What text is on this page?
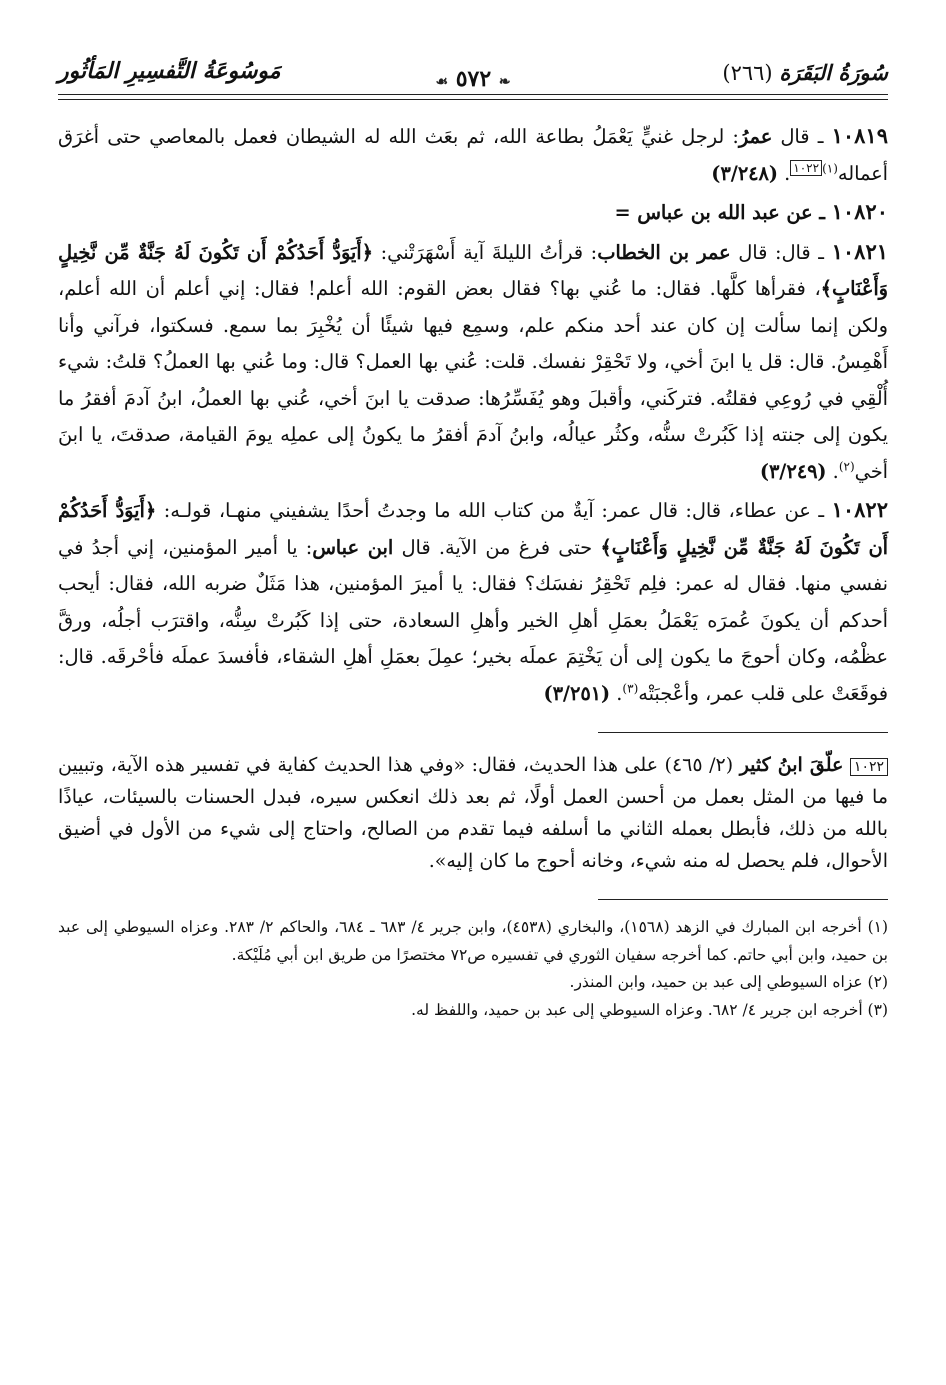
سُورَةُ البَقَرَة (٢٦٦)
❧ ٥٧٢ ☙
مَوسُوعَةُ التَّفسِيرِ المَأثُور

١٠٨١٩ ـ قال عمرُ: لرجل غنيٍّ يَعْمَلُ بطاعة الله، ثم بعَث الله له الشيطان فعمل بالمعاصي حتى أغرَق أعماله$^{(١)١٠٢٢}$. (٣/٢٤٨)

١٠٨٢٠ ـ عن عبد الله بن عباس =

١٠٨٢١ ـ قال: قال عمر بن الخطاب: قرأتُ الليلةَ آية أَسْهَرَتْني: ﴿أَيَوَدُّ أَحَدُكُمْ أَن تَكُونَ لَهُ جَنَّةٌ مِّن نَّخِيلٍ وَأَعْنَابٍ﴾، فقرأها كلَّها. فقال: ما عُني بها؟ فقال بعض القوم: الله أعلم! فقال: إني أعلم أن الله أعلم، ولكن إنما سألت إن كان عند أحد منكم علم، وسمِع فيها شيئًا أن يُخْبِرَ بما سمع. فسكتوا، فرآني وأنا أَهْمِسُ. قال: قل يا ابنَ أخي، ولا تَحْقِرْ نفسك. قلت: عُني بها العمل؟ قال: وما عُني بها العملُ؟ قلتُ: شيء أُلْقِي في رُوعِي فقلتُه. فتركَني، وأقبلَ وهو يُفَسِّرُها: صدقت يا ابنَ أخي، عُني بها العملُ، ابنُ آدمَ أفقرُ ما يكون إلى جنته إذا كَبُرتْ سنُّه، وكثُر عيالُه، وابنُ آدمَ أفقرُ ما يكونُ إلى عملِه يومَ القيامة، صدقتَ، يا ابنَ أخي$^{(٢)}$. (٣/٢٤٩)

١٠٨٢٢ ـ عن عطاء، قال: قال عمر: آيةٌ من كتاب الله ما وجدتُ أحدًا يشفيني منهـا، قولـه: ﴿أَيَوَدُّ أَحَدُكُمْ أَن تَكُونَ لَهُ جَنَّةٌ مِّن نَّخِيلٍ وَأَعْنَابٍ﴾ حتى فرغ من الآية. قال ابن عباس: يا أمير المؤمنين، إني أجدُ في نفسي منها. فقال له عمر: فلِم تَحْقِرُ نفسَك؟ فقال: يا أميرَ المؤمنين، هذا مَثَلٌ ضربه الله، فقال: أيحب أحدكم أن يكونَ عُمرَه يَعْمَلُ بعمَلِ أهلِ الخير وأهلِ السعادة، حتى إذا كَبُرتْ سِنُّه، واقترَب أجلُه، ورقَّ عظْمُه، وكان أحوجَ ما يكون إلى أن يَخْتِمَ عملَه بخير؛ عمِلَ بعمَلِ أهلِ الشقاء، فأفسدَ عملَه فأحْرقَه. قال: فوقَعَتْ على قلب عمر، وأعْجبَتْه$^{(٣)}$. (٣/٢٥١)

١٠٢٢ علّقَ ابنُ كثير (٢/ ٤٦٥) على هذا الحديث، فقال: «وفي هذا الحديث كفاية في تفسير هذه الآية، وتبيين ما فيها من المثل بعمل من أحسن العمل أولًا، ثم بعد ذلك انعكس سيره، فبدل الحسنات بالسيئات، عياذًا بالله من ذلك، فأبطل بعمله الثاني ما أسلفه فيما تقدم من الصالح، واحتاج إلى شيء من الأول في أضيق الأحوال، فلم يحصل له منه شيء، وخانه أحوج ما كان إليه».

(١) أخرجه ابن المبارك في الزهد (١٥٦٨)، والبخاري (٤٥٣٨)، وابن جرير ٤/ ٦٨٣ ـ ٦٨٤، والحاكم ٢/ ٢٨٣. وعزاه السيوطي إلى عبد بن حميد، وابن أبي حاتم. كما أخرجه سفيان الثوري في تفسيره ص٧٢ مختصرًا من طريق ابن أبي مُلَيْكة.

(٢) عزاه السيوطي إلى عبد بن حميد، وابن المنذر.

(٣) أخرجه ابن جرير ٤/ ٦٨٢. وعزاه السيوطي إلى عبد بن حميد، واللفظ له.
